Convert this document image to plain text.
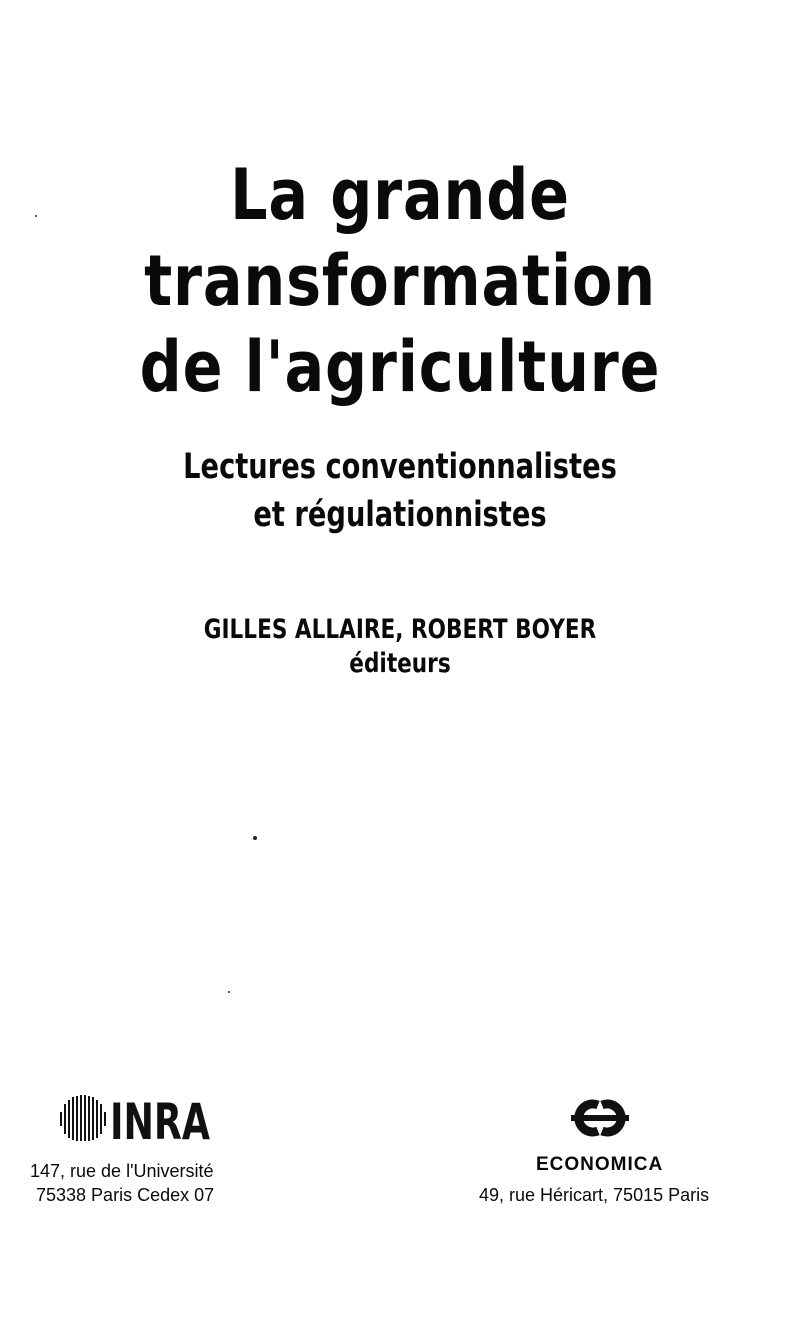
La grande
transformation
de l'agriculture
Lectures conventionnalistes
et régulationnistes
GILLES ALLAIRE, ROBERT BOYER
éditeurs
INRA
147, rue de l'Université
75338 Paris Cedex 07
ECONOMICA
49, rue Héricart, 75015 Paris
